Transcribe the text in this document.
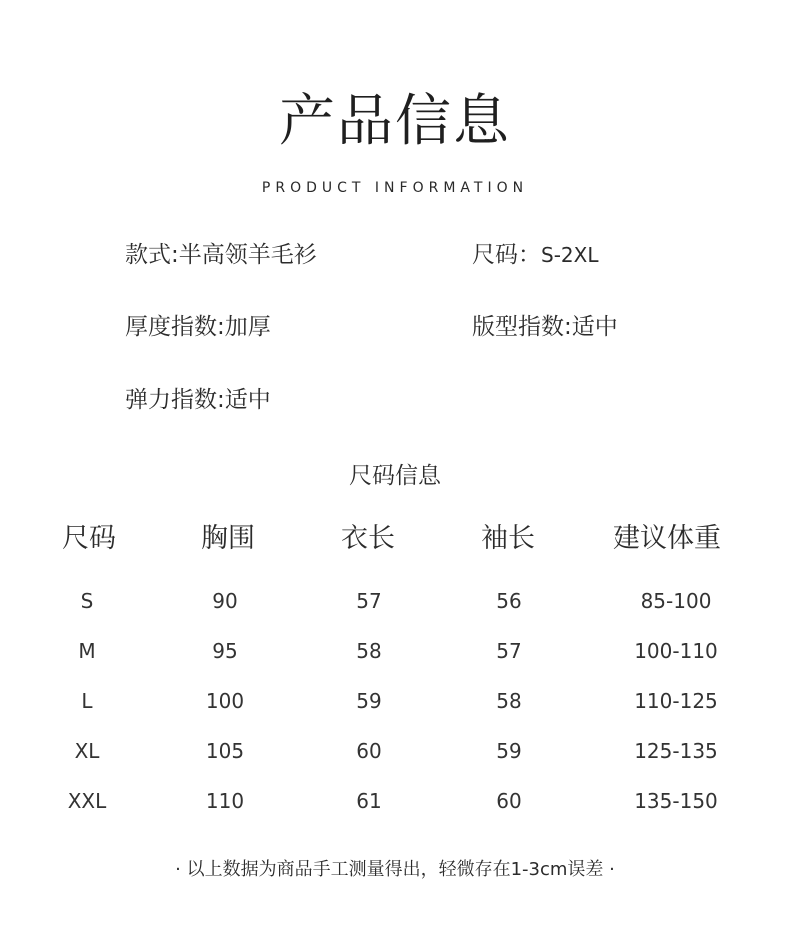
产品信息
PRODUCT INFORMATION
款式:半高领羊毛衫	尺码：S-2XL
厚度指数:加厚	版型指数:适中
弹力指数:适中
尺码信息
尺码	胸围	衣长	袖长	建议体重
S	90	57	56	85-100
M	95	58	57	100-110
L	100	59	58	110-125
XL	105	60	59	125-135
XXL	110	61	60	135-150
· 以上数据为商品手工测量得出，轻微存在1-3cm误差 ·
